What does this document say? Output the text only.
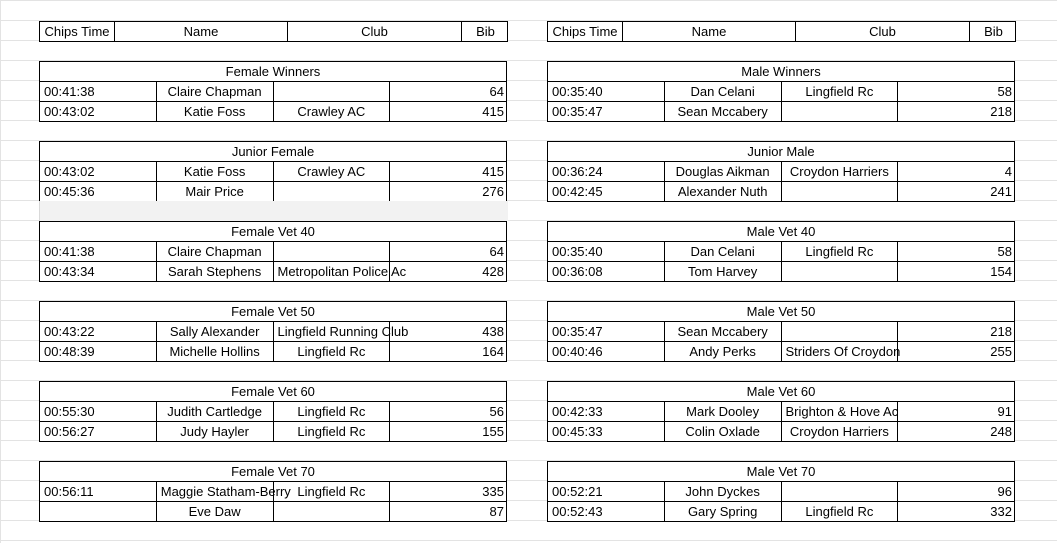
Chips Time	Name	Club	Bib
Female Winners			
00:41:38	Claire Chapman		64
00:43:02	Katie Foss	Crawley AC	415
Junior Female			
00:43:02	Katie Foss	Crawley AC	415
00:45:36	Mair Price		276
Female Vet 40			
00:41:38	Claire Chapman		64
00:43:34	Sarah Stephens	Metropolitan Police Ac	428
Female Vet 50			
00:43:22	Sally Alexander	Lingfield Running Club	438
00:48:39	Michelle Hollins	Lingfield Rc	164
Female Vet 60			
00:55:30	Judith Cartledge	Lingfield Rc	56
00:56:27	Judy Hayler	Lingfield Rc	155
Female Vet 70			
00:56:11	Maggie Statham-Berry	Lingfield Rc	335
	Eve Daw		87
Chips Time	Name	Club	Bib
Male Winners			
00:35:40	Dan Celani	Lingfield Rc	58
00:35:47	Sean Mccabery		218
Junior Male			
00:36:24	Douglas Aikman	Croydon Harriers	4
00:42:45	Alexander Nuth		241
Male Vet 40			
00:35:40	Dan Celani	Lingfield Rc	58
00:36:08	Tom Harvey		154
Male Vet 50			
00:35:47	Sean Mccabery		218
00:40:46	Andy Perks	Striders Of Croydon	255
Male Vet 60			
00:42:33	Mark Dooley	Brighton & Hove Ac	91
00:45:33	Colin Oxlade	Croydon Harriers	248
Male Vet 70			
00:52:21	John Dyckes		96
00:52:43	Gary Spring	Lingfield Rc	332
